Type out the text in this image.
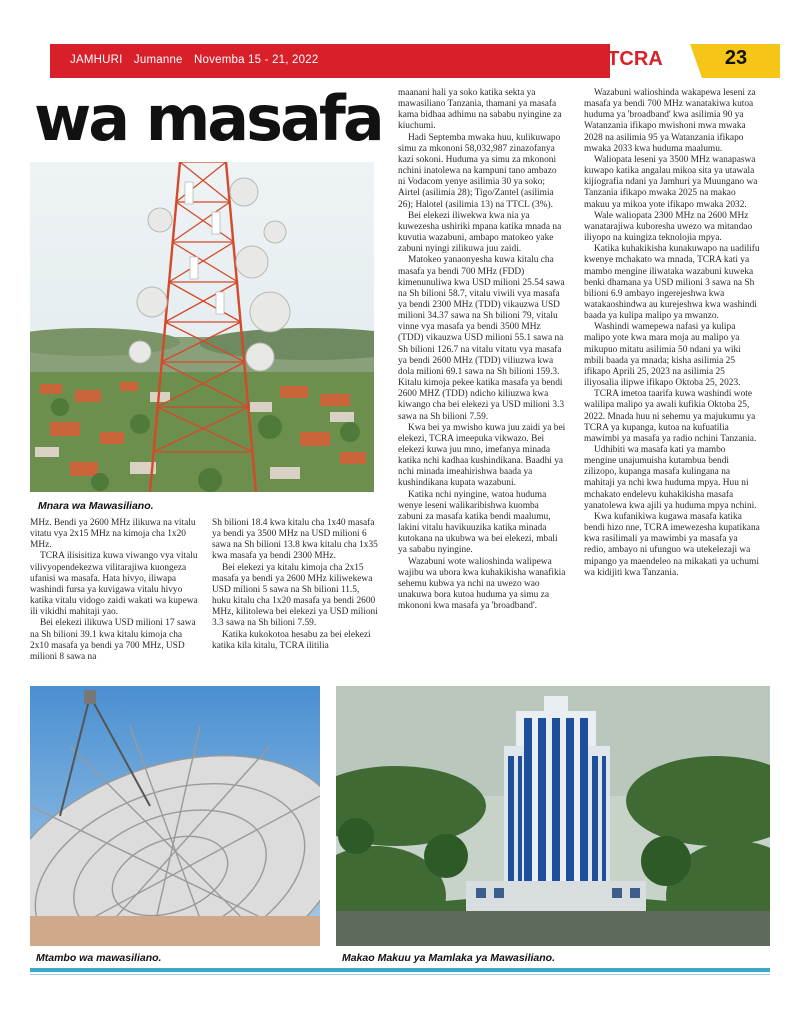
JAMHURI Jumanne Novemba 15 - 21, 2022	TCRA	23
wa masafa
Mnara wa Mawasiliano.

MHz. Bendi ya 2600 MHz ilikuwa na vitalu vitatu vya 2x15 MHz na kimoja cha 1x20 MHz.

TCRA ilisisitiza kuwa viwango vya vitalu vilivyopendekezwa vilitarajiwa kuongeza ufanisi wa masafa. Hata hivyo, iliwapa washindi fursa ya kuvigawa vitalu hivyo katika vitalu vidogo zaidi wakati wa kupewa ili vikidhi mahitaji yao.

Bei elekezi ilikuwa USD milioni 17 sawa na Sh bilioni 39.1 kwa kitalu kimoja cha 2x10 masafa ya bendi ya 700 MHz, USD milioni 8 sawa na

Sh bilioni 18.4 kwa kitalu cha 1x40 masafa ya bendi ya 3500 MHz na USD milioni 6 sawa na Sh bilioni 13.8 kwa kitalu cha 1x35 kwa masafa ya bendi 2300 MHz.

Bei elekezi ya kitalu kimoja cha 2x15 masafa ya bendi ya 2600 MHz kiliwekewa USD milioni 5 sawa na Sh bilioni 11.5, huku kitalu cha 1x20 masafa ya bendi 2600 MHz, kilitolewa bei elekezi ya USD milioni 3.3 sawa na Sh bilioni 7.59.

Katika kukokotoa hesabu za bei elekezi katika kila kitalu, TCRA ilitilia

maanani hali ya soko katika sekta ya mawasiliano Tanzania, thamani ya masafa kama bidhaa adhimu na sababu nyingine za kiuchumi.

Hadi Septemba mwaka huu, kulikuwapo simu za mkononi 58,032,987 zinazofanya kazi sokoni. Huduma ya simu za mkononi nchini inatolewa na kampuni tano ambazo ni Vodacom yenye asilimia 30 ya soko; Airtel (asilimia 28); Tigo/Zantel (asilimia 26); Halotel (asilimia 13) na TTCL (3%).

Bei elekezi iliwekwa kwa nia ya kuwezesha ushiriki mpana katika mnada na kuvutia wazabuni, ambapo matokeo yake zabuni nyingi zilikuwa juu zaidi.

Matokeo yanaonyesha kuwa kitalu cha masafa ya bendi 700 MHz (FDD) kimenunuliwa kwa USD milioni 25.54 sawa na Sh bilioni 58.7, vitalu viwili vya masafa ya bendi 2300 MHz (TDD) vikauzwa USD milioni 34.37 sawa na Sh bilioni 79, vitalu vinne vya masafa ya bendi 3500 MHz (TDD) vikauzwa USD milioni 55.1 sawa na Sh bilioni 126.7 na vitalu vitatu vya masafa ya bendi 2600 MHz (TDD) viliuzwa kwa dola milioni 69.1 sawa na Sh bilioni 159.3. Kitalu kimoja pekee katika masafa ya bendi 2600 MHZ (TDD) ndicho kiliuzwa kwa kiwango cha bei elekezi ya USD milioni 3.3 sawa na Sh bilioni 7.59.

Kwa bei ya mwisho kuwa juu zaidi ya bei elekezi, TCRA imeepuka vikwazo. Bei elekezi kuwa juu mno, imefanya minada katika nchi kadhaa kushindikana. Baadhi ya nchi minada imeahirishwa baada ya kushindikana kupata wazabuni.

Katika nchi nyingine, watoa huduma wenye leseni walikaribishwa kuomba zabuni za masafa katika bendi maalumu, lakini vitalu havikuuzika katika minada kutokana na ukubwa wa bei elekezi, mbali ya sababu nyingine.

Wazabuni wote walioshinda walipewa wajibu wa ubora kwa kuhakikisha wanafikia sehemu kubwa ya nchi na uwezo wao unakuwa bora kutoa huduma ya simu za mkononi kwa masafa ya 'broadband'.

Wazabuni walioshinda wakapewa leseni za masafa ya bendi 700 MHz wanatakiwa kutoa huduma ya 'broadband' kwa asilimia 90 ya Watanzania ifikapo mwishoni mwa mwaka 2028 na asilimia 95 ya Watanzania ifikapo mwaka 2033 kwa huduma maalumu.

Waliopata leseni ya 3500 MHz wanapaswa kuwapo katika angalau mikoa sita ya utawala kijiografia ndani ya Jamhuri ya Muungano wa Tanzania ifikapo mwaka 2025 na makao makuu ya mikoa yote ifikapo mwaka 2032.

Wale waliopata 2300 MHz na 2600 MHz wanatarajiwa kuboresha uwezo wa mitandao iliyopo na kuingiza teknolojia mpya.

Katika kuhakikisha kunakuwapo na uadilifu kwenye mchakato wa mnada, TCRA kati ya mambo mengine iliwataka wazabuni kuweka benki dhamana ya USD milioni 3 sawa na Sh bilioni 6.9 ambayo ingerejeshwa kwa watakaoshindwa au kurejeshwa kwa washindi baada ya kulipa malipo ya mwanzo.

Washindi wamepewa nafasi ya kulipa malipo yote kwa mara moja au malipo ya mikupuo mitatu asilimia 50 ndani ya wiki mbili baada ya mnada; kisha asilimia 25 ifikapo Aprili 25, 2023 na asilimia 25 iliyosalia ilipwe ifikapo Oktoba 25, 2023.

TCRA imetoa taarifa kuwa washindi wote walilipa malipo ya awali kufikia Oktoba 25, 2022. Mnada huu ni sehemu ya majukumu ya TCRA ya kupanga, kutoa na kufuatilia mawimbi ya masafa ya radio nchini Tanzania.

Udhibiti wa masafa kati ya mambo mengine unajumuisha kutambua bendi zilizopo, kupanga masafa kulingana na mahitaji ya nchi kwa huduma mpya. Huu ni mchakato endelevu kuhakikisha masafa yanatolewa kwa ajili ya huduma mpya nchini.

Kwa kufanikiwa kugawa masafa katika bendi hizo nne, TCRA imewezesha kupatikana kwa rasilimali ya mawimbi ya masafa ya redio, ambayo ni ufunguo wa utekelezaji wa mipango ya maendeleo na mikakati ya uchumi wa kidijiti kwa Tanzania.

Mtambo wa mawasiliano.	Makao Makuu ya Mamlaka ya Mawasiliano.
